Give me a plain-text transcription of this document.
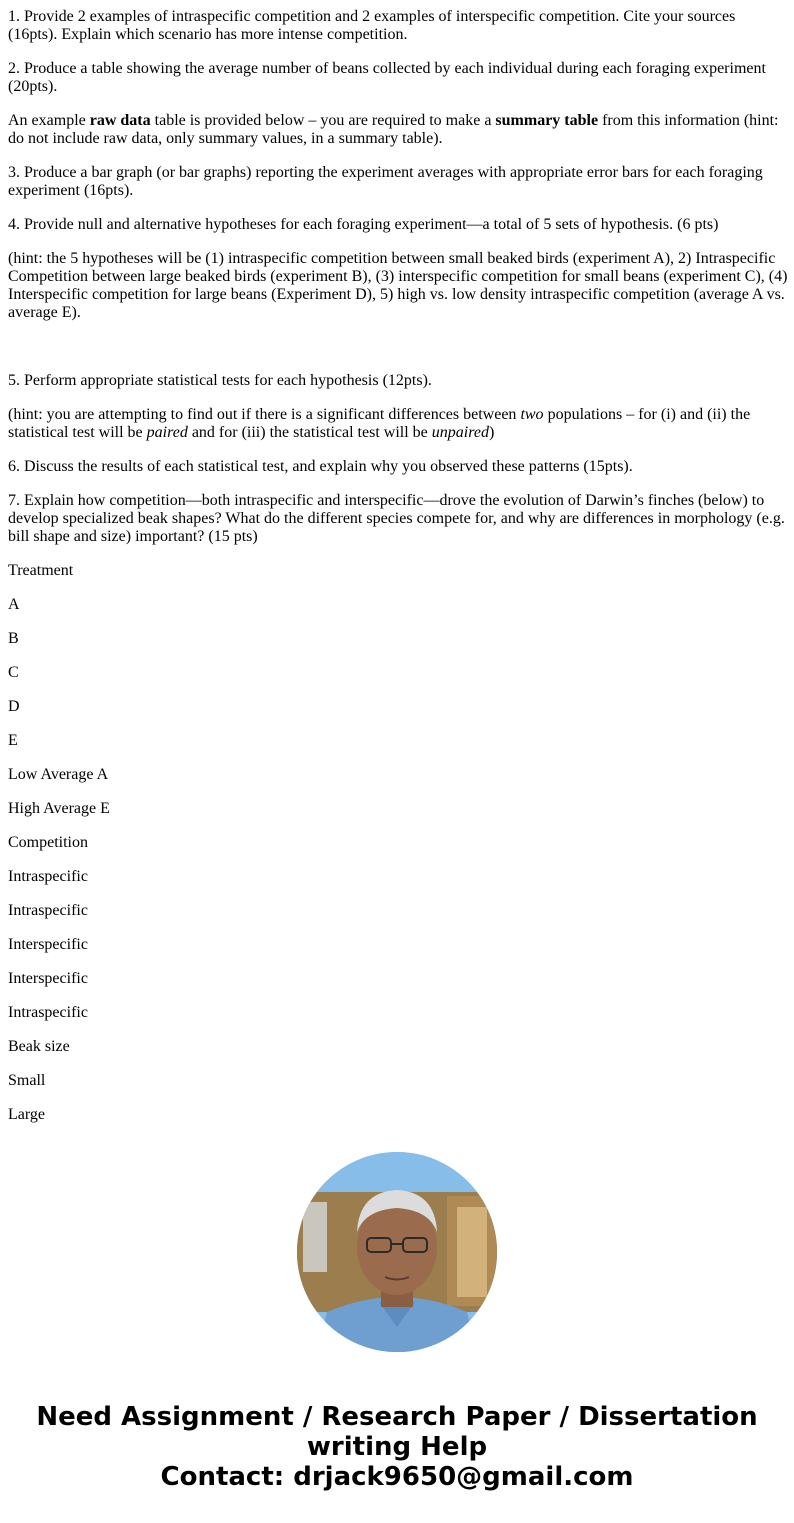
1. Provide 2 examples of intraspecific competition and 2 examples of interspecific competition. Cite your sources (16pts). Explain which scenario has more intense competition.

2. Produce a table showing the average number of beans collected by each individual during each foraging experiment (20pts).

An example raw data table is provided below – you are required to make a summary table from this information (hint: do not include raw data, only summary values, in a summary table).

3. Produce a bar graph (or bar graphs) reporting the experiment averages with appropriate error bars for each foraging experiment (16pts).

4. Provide null and alternative hypotheses for each foraging experiment—a total of 5 sets of hypothesis. (6 pts)

(hint: the 5 hypotheses will be (1) intraspecific competition between small beaked birds (experiment A), 2) Intraspecific Competition between large beaked birds (experiment B), (3) interspecific competition for small beans (experiment C), (4) Interspecific competition for large beans (Experiment D), 5) high vs. low density intraspecific competition (average A vs. average E).

5. Perform appropriate statistical tests for each hypothesis (12pts).

(hint: you are attempting to find out if there is a significant differences between two populations – for (i) and (ii) the statistical test will be paired and for (iii) the statistical test will be unpaired)

6. Discuss the results of each statistical test, and explain why you observed these patterns (15pts).

7. Explain how competition—both intraspecific and interspecific—drove the evolution of Darwin’s finches (below) to develop specialized beak shapes? What do the different species compete for, and why are differences in morphology (e.g. bill shape and size) important? (15 pts)

Treatment

A

B

C

D

E

Low Average A

High Average E

Competition

Intraspecific

Intraspecific

Interspecific

Interspecific

Intraspecific

Beak size

Small

Large

Need Assignment / Research Paper / Dissertation writing Help
Contact: drjack9650@gmail.com
